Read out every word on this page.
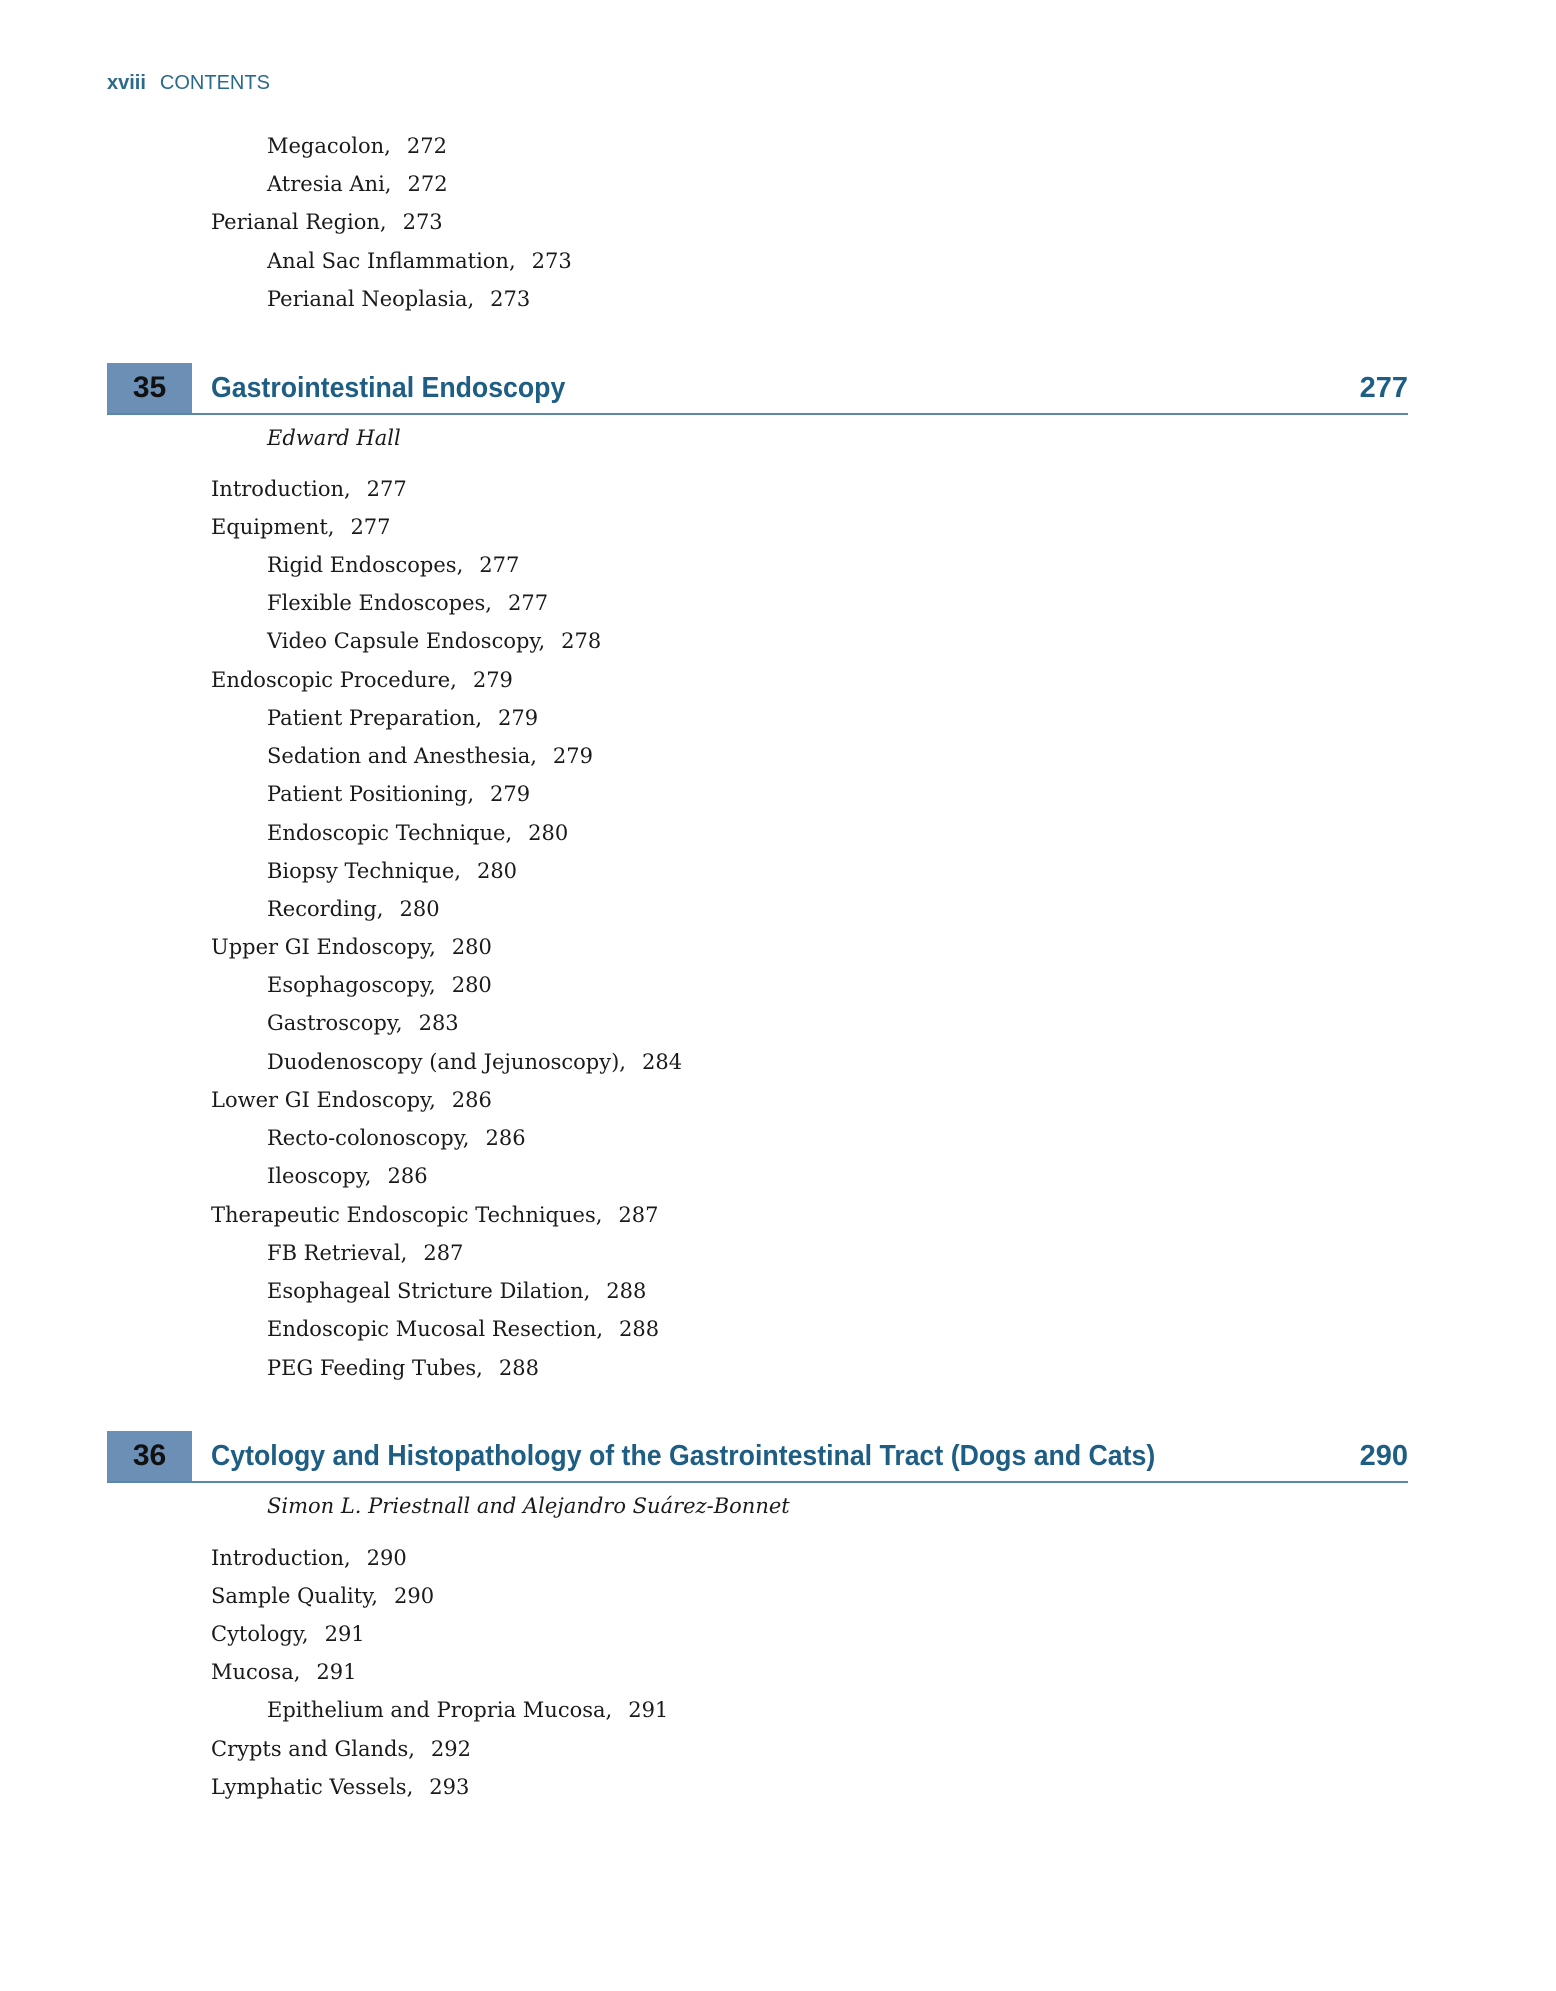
xviii CONTENTS
Megacolon, 272
Atresia Ani, 272
Perianal Region, 273
Anal Sac Inflammation, 273
Perianal Neoplasia, 273
35	Gastrointestinal Endoscopy	277
Edward Hall
Introduction, 277
Equipment, 277
Rigid Endoscopes, 277
Flexible Endoscopes, 277
Video Capsule Endoscopy, 278
Endoscopic Procedure, 279
Patient Preparation, 279
Sedation and Anesthesia, 279
Patient Positioning, 279
Endoscopic Technique, 280
Biopsy Technique, 280
Recording, 280
Upper GI Endoscopy, 280
Esophagoscopy, 280
Gastroscopy, 283
Duodenoscopy (and Jejunoscopy), 284
Lower GI Endoscopy, 286
Recto-colonoscopy, 286
Ileoscopy, 286
Therapeutic Endoscopic Techniques, 287
FB Retrieval, 287
Esophageal Stricture Dilation, 288
Endoscopic Mucosal Resection, 288
PEG Feeding Tubes, 288
36	Cytology and Histopathology of the Gastrointestinal Tract (Dogs and Cats)	290
Simon L. Priestnall and Alejandro Suárez-Bonnet
Introduction, 290
Sample Quality, 290
Cytology, 291
Mucosa, 291
Epithelium and Propria Mucosa, 291
Crypts and Glands, 292
Lymphatic Vessels, 293
